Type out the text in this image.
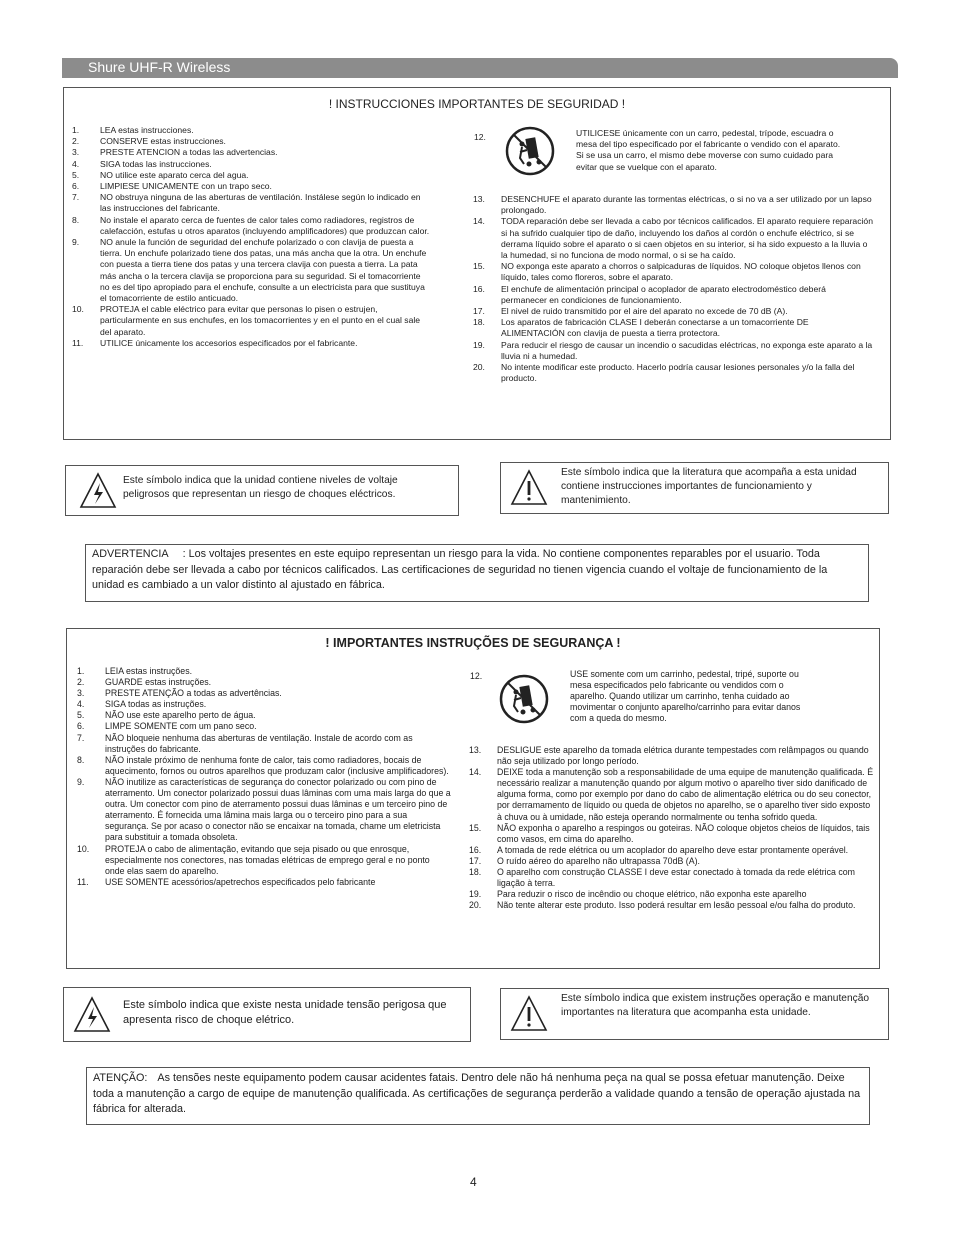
Shure UHF-R Wireless
! INSTRUCCIONES IMPORTANTES DE SEGURIDAD !
1. LEA estas instrucciones.
2. CONSERVE estas instrucciones.
3. PRESTE ATENCION a todas las advertencias.
4. SIGA todas las instrucciones.
5. NO utilice este aparato cerca del agua.
6. LIMPIESE UNICAMENTE con un trapo seco.
7. NO obstruya ninguna de las aberturas de ventilación. Instálese según lo indicado en las instrucciones del fabricante.
8. No instale el aparato cerca de fuentes de calor tales como radiadores, registros de calefacción, estufas u otros aparatos (incluyendo amplificadores) que produzcan calor.
9. NO anule la función de seguridad del enchufe polarizado o con clavija de puesta a tierra. Un enchufe polarizado tiene dos patas, una más ancha que la otra. Un enchufe con puesta a tierra tiene dos patas y una tercera clavija con puesta a tierra. La pata más ancha o la tercera clavija se proporciona para su seguridad. Si el tomacorriente no es del tipo apropiado para el enchufe, consulte a un electricista para que sustituya el tomacorriente de estilo anticuado.
10. PROTEJA el cable eléctrico para evitar que personas lo pisen o estrujen, particularmente en sus enchufes, en los tomacorrientes y en el punto en el cual sale del aparato.
11. UTILICE únicamente los accesorios especificados por el fabricante.
12.	UTILICESE únicamente con un carro, pedestal, trípode, escuadra o mesa del tipo especificado por el fabricante o vendido con el aparato. Si se usa un carro, el mismo debe moverse con sumo cuidado para evitar que se vuelque con el aparato.
13. DESENCHUFE el aparato durante las tormentas eléctricas, o si no va a ser utilizado por un lapso prolongado.
14. TODA reparación debe ser llevada a cabo por técnicos calificados. El aparato requiere reparación si ha sufrido cualquier tipo de daño, incluyendo los daños al cordón o enchufe eléctrico, si se derrama líquido sobre el aparato o si caen objetos en su interior, si ha sido expuesto a la lluvia o la humedad, si no funciona de modo normal, o si se ha caído.
15. NO exponga este aparato a chorros o salpicaduras de líquidos. NO coloque objetos llenos con líquido, tales como floreros, sobre el aparato.
16. El enchufe de alimentación principal o acoplador de aparato electrodoméstico deberá permanecer en condiciones de funcionamiento.
17. El nivel de ruido transmitido por el aire del aparato no excede de 70 dB (A).
18. Los aparatos de fabricación CLASE I deberán conectarse a un tomacorriente DE ALIMENTACIÓN con clavija de puesta a tierra protectora.
19. Para reducir el riesgo de causar un incendio o sacudidas eléctricas, no exponga este aparato a la lluvia ni a humedad.
20. No intente modificar este producto. Hacerlo podría causar lesiones personales y/o la falla del producto.
Este símbolo indica que la unidad contiene niveles de voltaje peligrosos que representan un riesgo de choques eléctricos.
Este símbolo indica que la literatura que acompaña a esta unidad contiene instrucciones importantes de funcionamiento y mantenimiento.
ADVERTENCIA : Los voltajes presentes en este equipo representan un riesgo para la vida. No contiene componentes reparables por el usuario. Toda reparación debe ser llevada a cabo por técnicos calificados. Las certificaciones de seguridad no tienen vigencia cuando el voltaje de funcionamiento de la unidad es cambiado a un valor distinto al ajustado en fábrica.
! IMPORTANTES INSTRUÇÕES DE SEGURANÇA !
1. LEIA estas instruções.
2. GUARDE estas instruções.
3. PRESTE ATENÇÃO a todas as advertências.
4. SIGA todas as instruções.
5. NÃO use este aparelho perto de água.
6. LIMPE SOMENTE com um pano seco.
7. NÃO bloqueie nenhuma das aberturas de ventilação. Instale de acordo com as instruções do fabricante.
8. NÃO instale próximo de nenhuma fonte de calor, tais como radiadores, bocais de aquecimento, fornos ou outros aparelhos que produzam calor (inclusive amplificadores).
9. NÃO inutilize as características de segurança do conector polarizado ou com pino de aterramento. Um conector polarizado possui duas lâminas com uma mais larga do que a outra. Um conector com pino de aterramento possui duas lâminas e um terceiro pino de aterramento. É fornecida uma lâmina mais larga ou o terceiro pino para a sua segurança. Se por acaso o conector não se encaixar na tomada, chame um eletricista para substituir a tomada obsoleta.
10. PROTEJA o cabo de alimentação, evitando que seja pisado ou que enrosque, especialmente nos conectores, nas tomadas elétricas de emprego geral e no ponto onde elas saem do aparelho.
11. USE SOMENTE acessórios/apetrechos especificados pelo fabricante
12.	USE somente com um carrinho, pedestal, tripé, suporte ou mesa especificados pelo fabricante ou vendidos com o aparelho. Quando utilizar um carrinho, tenha cuidado ao movimentar o conjunto aparelho/carrinho para evitar danos com a queda do mesmo.
13. DESLIGUE este aparelho da tomada elétrica durante tempestades com relâmpagos ou quando não seja utilizado por longo período.
14. DEIXE toda a manutenção sob a responsabilidade de uma equipe de manutenção qualificada. É necessário realizar a manutenção quando por algum motivo o aparelho tiver sido danificado de alguma forma, como por exemplo por dano do cabo de alimentação elétrica ou do seu conector, por derramamento de líquido ou queda de objetos no aparelho, se o aparelho tiver sido exposto à chuva ou à umidade, não esteja operando normalmente ou tenha sofrido queda.
15. NÃO exponha o aparelho a respingos ou goteiras. NÃO coloque objetos cheios de líquidos, tais como vasos, em cima do aparelho.
16. A tomada de rede elétrica ou um acoplador do aparelho deve estar prontamente operável.
17. O ruído aéreo do aparelho não ultrapassa 70dB (A).
18. O aparelho com construção CLASSE I deve estar conectado à tomada da rede elétrica com ligação à terra.
19. Para reduzir o risco de incêndio ou choque elétrico, não exponha este aparelho
20. Não tente alterar este produto. Isso poderá resultar em lesão pessoal e/ou falha do produto.
Este símbolo indica que existe nesta unidade tensão perigosa que apresenta risco de choque elétrico.
Este símbolo indica que existem instruções operação e manutenção importantes na literatura que acompanha esta unidade.
ATENÇÃO: As tensões neste equipamento podem causar acidentes fatais. Dentro dele não há nenhuma peça na qual se possa efetuar manutenção. Deixe toda a manutenção a cargo de equipe de manutenção qualificada. As certificações de segurança perderão a validade quando a tensão de operação ajustada na fábrica for alterada.
4
